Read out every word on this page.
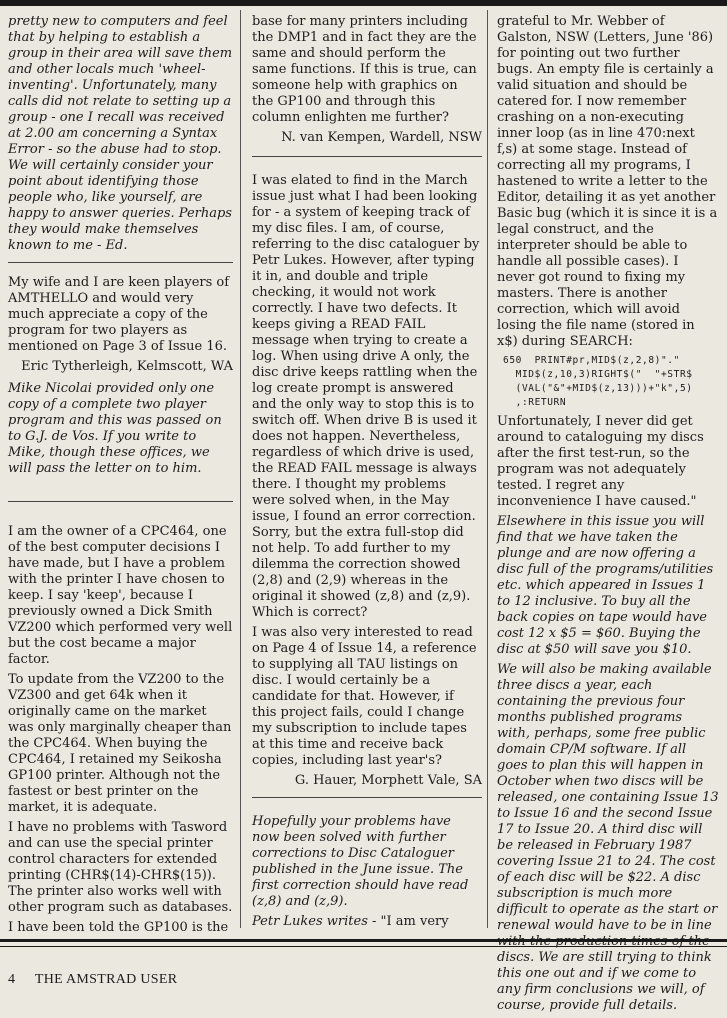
pretty new to computers and feel that by helping to establish a group in their area will save them and other locals much 'wheel-inventing'. Unfortunately, many calls did not relate to setting up a group - one I recall was received at 2.00 am concerning a Syntax Error - so the abuse had to stop. We will certainly consider your point about identifying those people who, like yourself, are happy to answer queries. Perhaps they would make themselves known to me - Ed.

My wife and I are keen players of AMTHELLO and would very much appreciate a copy of the program for two players as mentioned on Page 3 of Issue 16.

Eric Tytherleigh, Kelmscott, WA

Mike Nicolai provided only one copy of a complete two player program and this was passed on to G.J. de Vos. If you write to Mike, though these offices, we will pass the letter on to him.

I am the owner of a CPC464, one of the best computer decisions I have made, but I have a problem with the printer I have chosen to keep. I say 'keep', because I previously owned a Dick Smith VZ200 which performed very well but the cost became a major factor.

To update from the VZ200 to the VZ300 and get 64k when it originally came on the market was only marginally cheaper than the CPC464. When buying the CPC464, I retained my Seikosha GP100 printer. Although not the fastest or best printer on the market, it is adequate.

I have no problems with Tasword and can use the special printer control characters for extended printing (CHR$(14)-CHR$(15)). The printer also works well with other program such as databases.

I have been told the GP100 is the

base for many printers including the DMP1 and in fact they are the same and should perform the same functions. If this is true, can someone help with graphics on the GP100 and through this column enlighten me further?

N. van Kempen, Wardell, NSW

I was elated to find in the March issue just what I had been looking for - a system of keeping track of my disc files. I am, of course, referring to the disc cataloguer by Petr Lukes. However, after typing it in, and double and triple checking, it would not work correctly. I have two defects. It keeps giving a READ FAIL message when trying to create a log. When using drive A only, the disc drive keeps rattling when the log create prompt is answered and the only way to stop this is to switch off. When drive B is used it does not happen. Nevertheless, regardless of which drive is used, the READ FAIL message is always there. I thought my problems were solved when, in the May issue, I found an error correction. Sorry, but the extra full-stop did not help. To add further to my dilemma the correction showed (2,8) and (2,9) whereas in the original it showed (z,8) and (z,9). Which is correct?

I was also very interested to read on Page 4 of Issue 14, a reference to supplying all TAU listings on disc. I would certainly be a candidate for that. However, if this project fails, could I change my subscription to include tapes at this time and receive back copies, including last year's?

G. Hauer, Morphett Vale, SA

Hopefully your problems have now been solved with further corrections to Disc Cataloguer published in the June issue. The first correction should have read (z,8) and (z,9).

Petr Lukes writes - "I am very

grateful to Mr. Webber of Galston, NSW (Letters, June '86) for pointing out two further bugs. An empty file is certainly a valid situation and should be catered for. I now remember crashing on a non-executing inner loop (as in line 470:next f,s) at some stage. Instead of correcting all my programs, I hastened to write a letter to the Editor, detailing it as yet another Basic bug (which it is since it is a legal construct, and the interpreter should be able to handle all possible cases). I never got round to fixing my masters. There is another correction, which will avoid losing the file name (stored in x$) during SEARCH:

650  PRINT#pr,MID$(z,2,8)"."
MID$(z,10,3)RIGHT$("  "+STR$
(VAL("&"+MID$(z,13)))+"k",5)
,:RETURN

Unfortunately, I never did get around to cataloguing my discs after the first test-run, so the program was not adequately tested. I regret any inconvenience I have caused."

Elsewhere in this issue you will find that we have taken the plunge and are now offering a disc full of the programs/utilities etc. which appeared in Issues 1 to 12 inclusive. To buy all the back copies on tape would have cost 12 x $5 = $60. Buying the disc at $50 will save you $10.

We will also be making available three discs a year, each containing the previous four months published programs with, perhaps, some free public domain CP/M software. If all goes to plan this will happen in October when two discs will be released, one containing Issue 13 to Issue 16 and the second Issue 17 to Issue 20. A third disc will be released in February 1987 covering Issue 21 to 24. The cost of each disc will be $22. A disc subscription is much more difficult to operate as the start or renewal would have to be in line discs. We are still trying to think this one out and if we come to any firm conclusions we will, of course, provide full details.

4 THE AMSTRAD USER
